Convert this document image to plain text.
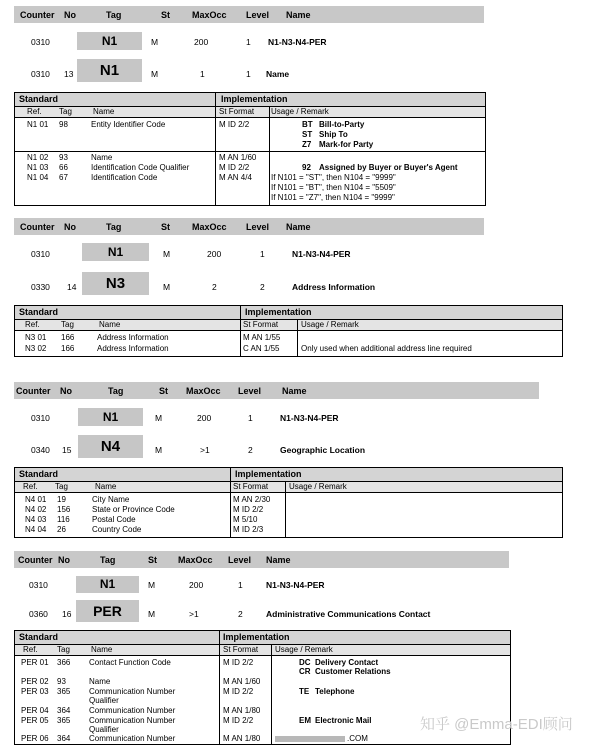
Counter No	Tag	St MaxOcc Level Name
0310	N1	M	200	1 N1-N3-N4-PER
0310 13	N1	M	1	1 Name
Standard	Implementation
Ref. Tag	Name	St Format Usage / Remark
N1 01 98	Entity Identifier Code	M ID 2/2	BT Bill-to-Party
ST Ship To
Z7 Mark-for Party
N1 02 93	Name	M AN 1/60
N1 03 66	Identification Code Qualifier	M ID 2/2	92 Assigned by Buyer or Buyer's Agent
N1 04 67	Identification Code	M AN 4/4 If N101 = "ST", then N104 = "9999"
If N101 = "BT", then N104 = "5509"
If N101 = "Z7", then N104 = "9999"
Counter No	Tag	St MaxOcc Level Name
0310	N1	M	200	1	N1-N3-N4-PER
0330 14	N3	M	2	2	Address Information
Standard	Implementation
Ref.	Tag	Name	St Format	Usage / Remark
N3 01 166	Address Information	M AN 1/55
N3 02 166	Address Information	C AN 1/55	Only used when additional address line required
Counter No	Tag	St MaxOcc Level Name
0310	N1	M	200	1	N1-N3-N4-PER
0340 15	N4	M	>1	2	Geographic Location
Standard	Implementation
Ref. Tag	Name	St Format	Usage / Remark
N4 01 19	City Name	M AN 2/30
N4 02 156	State or Province Code	M ID 2/2
N4 03 116	Postal Code	M 5/10
N4 04 26	Country Code	M ID 2/3
Counter No	Tag	St MaxOcc Level Name
0310	N1	M	200	1	N1-N3-N4-PER
0360 16	PER	M	>1	2	Administrative Communications Contact
Standard	Implementation
Ref. Tag	Name	St Format Usage / Remark
PER 01 366 Contact Function Code	M ID 2/2	DC Delivery Contact
CR Customer Relations
PER 02 93	Name	M AN 1/60
PER 03 365 Communication Number	M ID 2/2	TE Telephone
Qualifier
PER 04 364 Communication Number	M AN 1/80
PER 05 365 Communication Number	M ID 2/2	EM Electronic Mail
Qualifier
PER 06 364 Communication Number	M AN 1/80	.COM
知乎 @Emma-EDI顾问
